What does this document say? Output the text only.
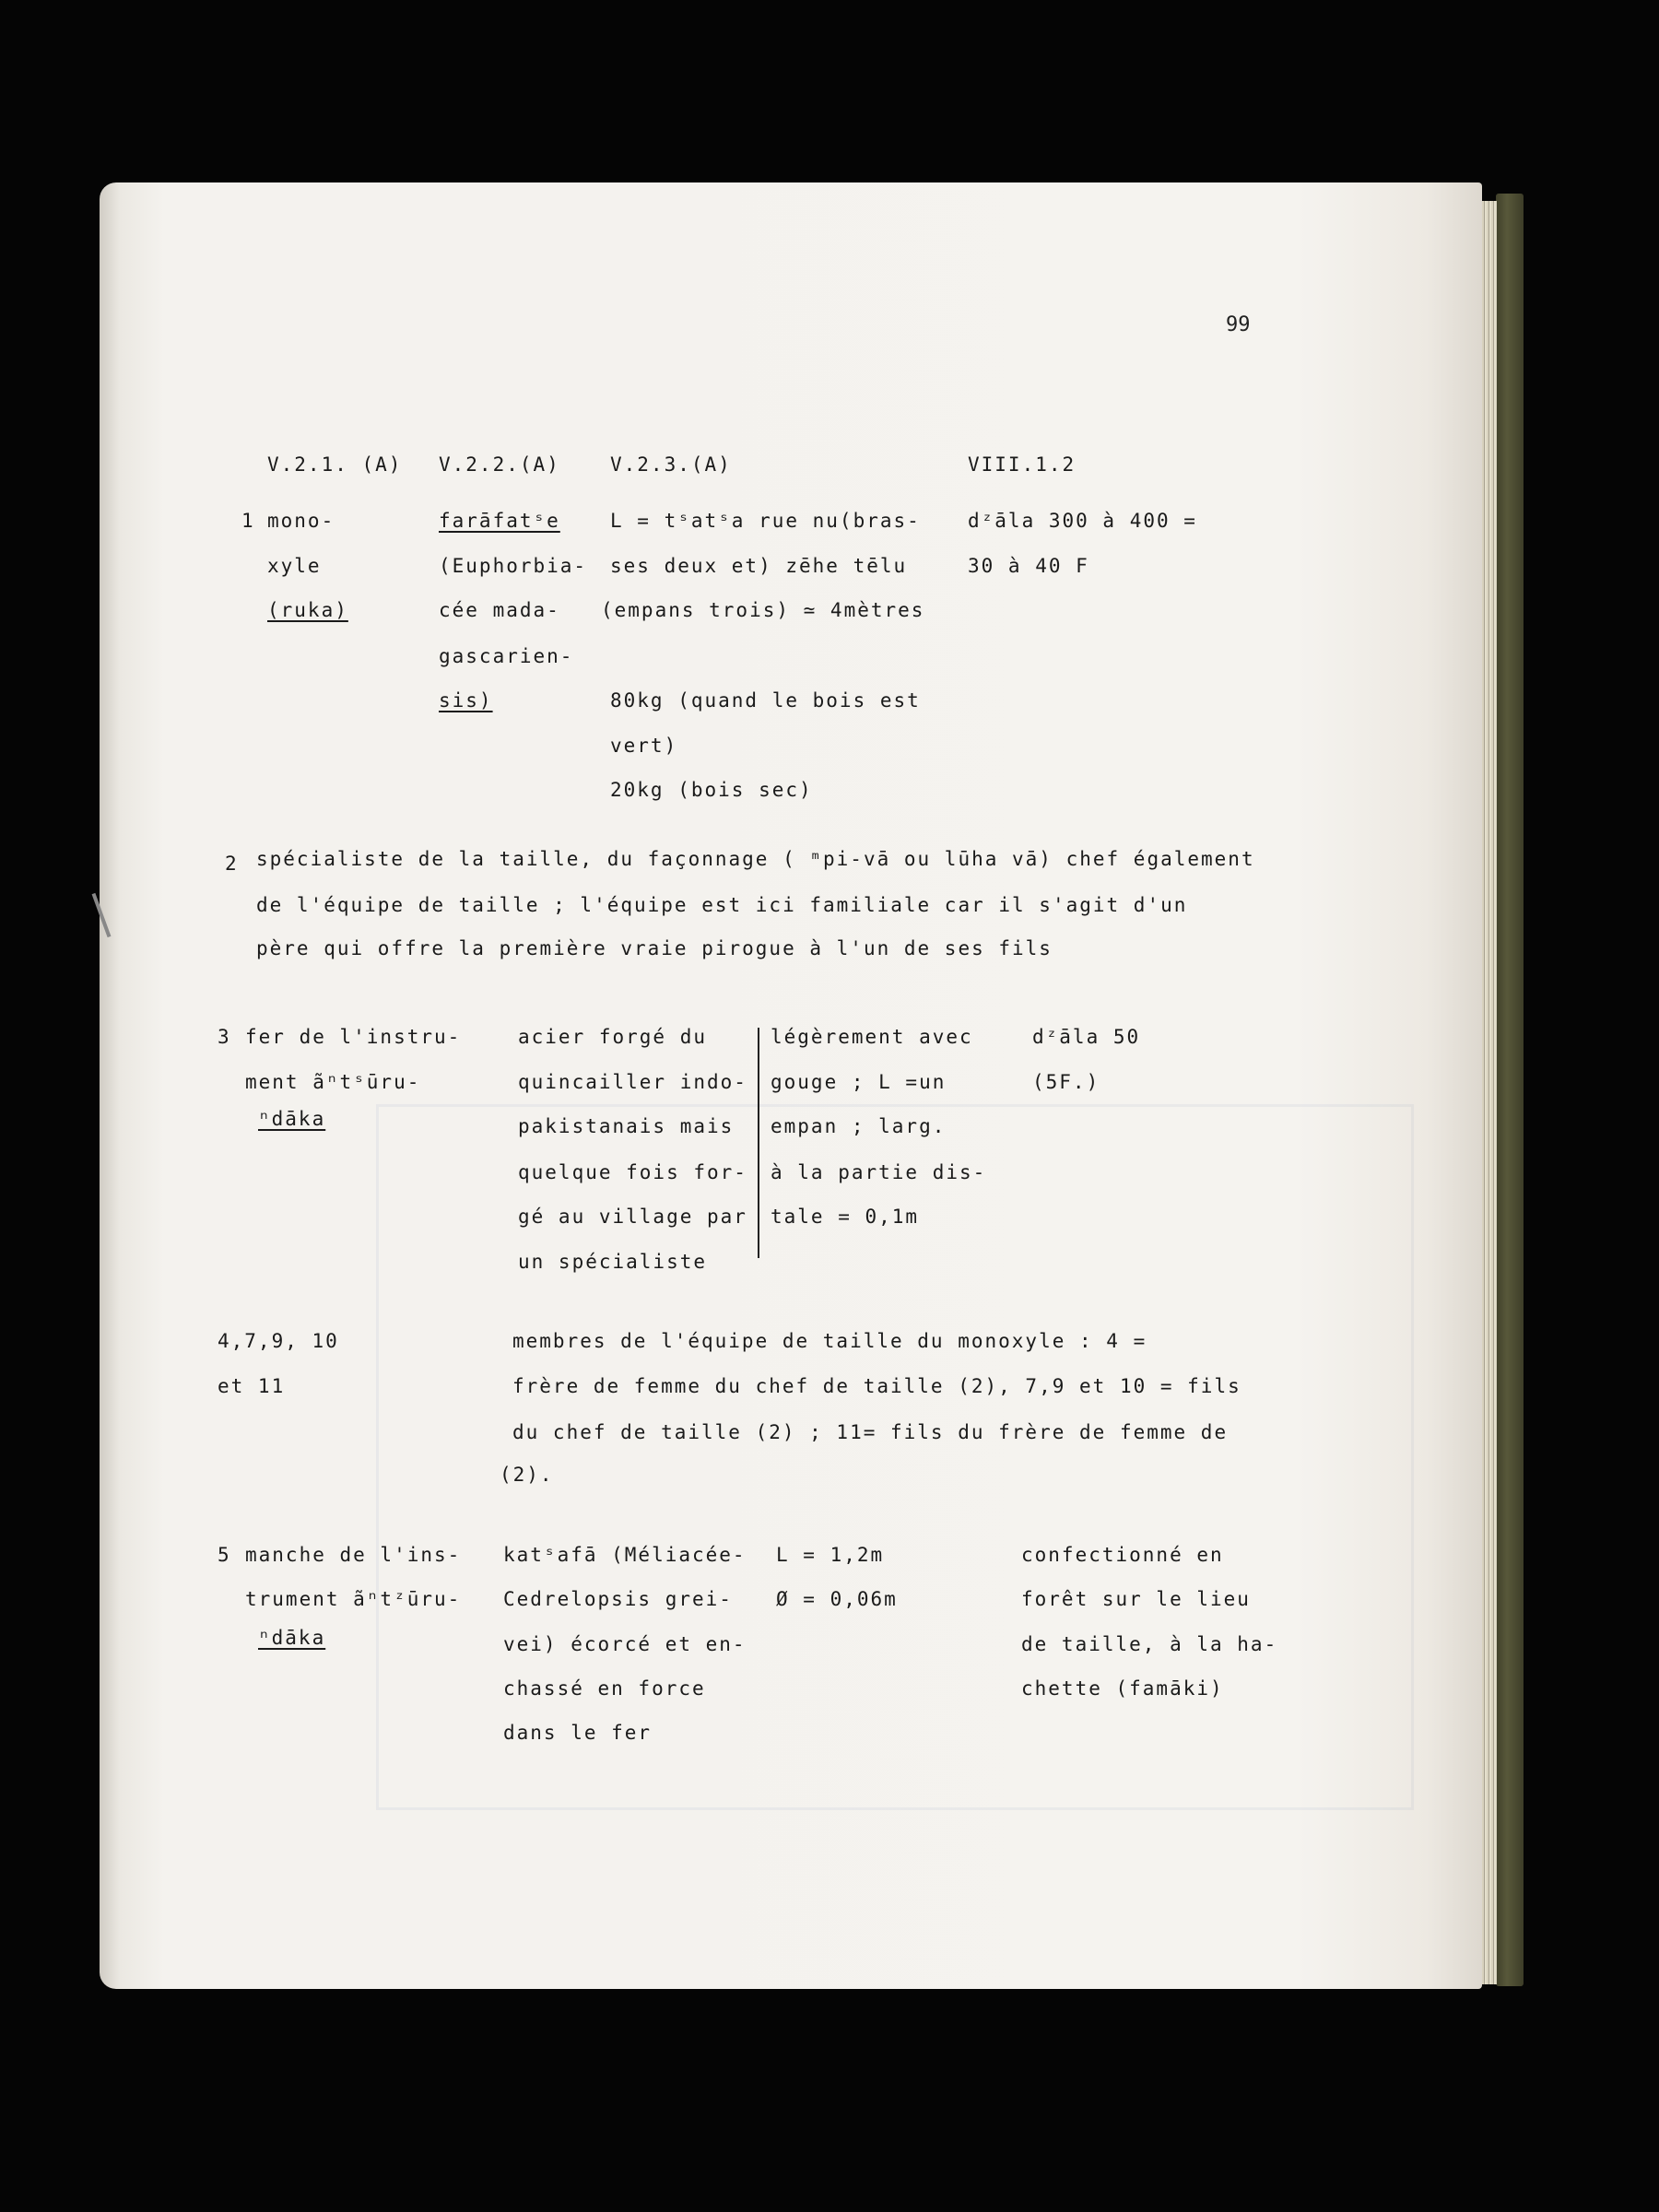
99
V.2.1. (A) V.2.2.(A)	V.2.3.(A)	VIII.1.2
1 mono-
xyle
(ruka)
farāfatˢe
(Euphorbia-
cée mada-
gascarien-
sis)
L = tˢatˢa rue nu(bras-
ses deux et) zēhe tēlu
(empans trois) ≃ 4mètres
80kg (quand le bois est
vert)
20kg (bois sec)
dᶻāla 300 à 400 =
30 à 40 F
2 spécialiste de la taille, du façonnage ( ᵐpi-vā ou lūha vā) chef également
de l'équipe de taille ; l'équipe est ici familiale car il s'agit d'un
père qui offre la première vraie pirogue à l'un de ses fils
3 fer de l'instru-
ment ãⁿtˢūru-
ⁿdāka
acier forgé du
quincailler indo-
pakistanais mais
quelque fois for-
gé au village par
un spécialiste
légèrement avec
gouge ; L =un
empan ; larg.
à la partie dis-
tale = 0,1m
dᶻāla 50
(5F.)
4,7,9, 10
et 11
membres de l'équipe de taille du monoxyle : 4 =
frère de femme du chef de taille (2), 7,9 et 10 = fils
du chef de taille (2) ; 11= fils du frère de femme de
(2).
5 manche de l'ins-
trument ãⁿtᶻūru-
ⁿdāka
katˢafā (Méliacée-
Cedrelopsis grei-
vei) écorcé et en-
chassé en force
dans le fer
L = 1,2m
Ø = 0,06m
confectionné en
forêt sur le lieu
de taille, à la ha-
chette (famāki)
